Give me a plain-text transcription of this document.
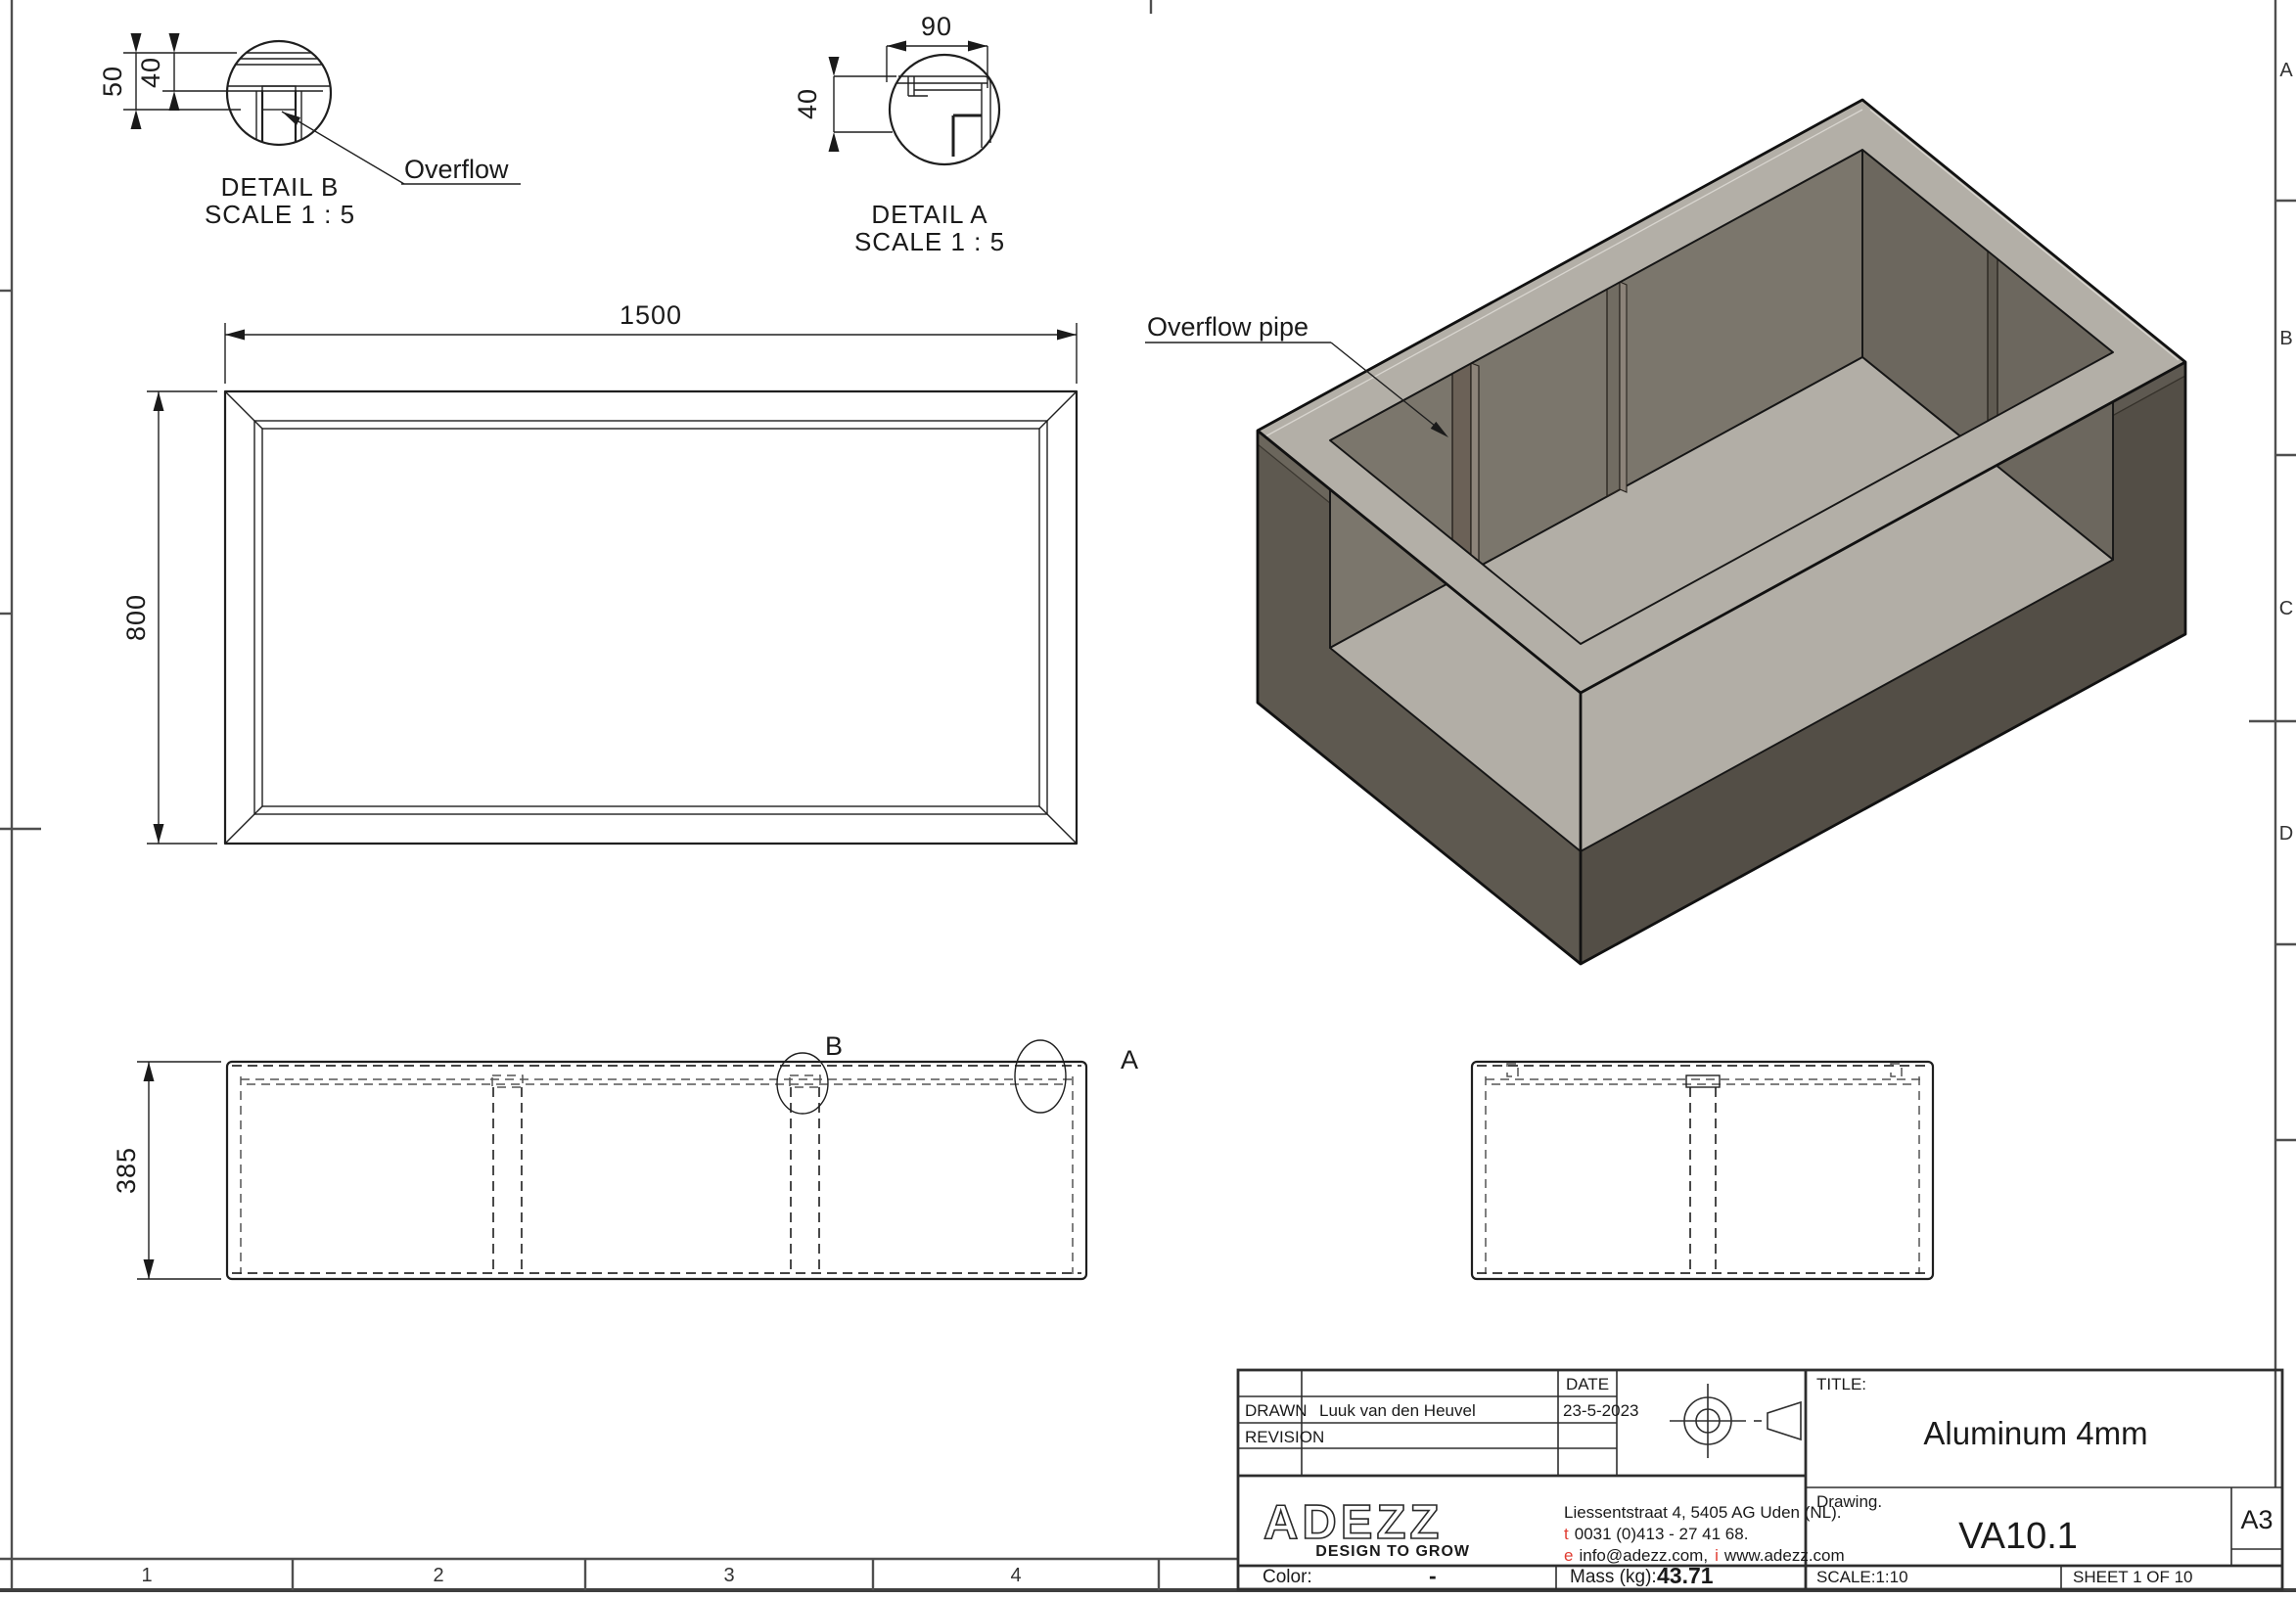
A
B
C
D
1	2	3	4
50 40
Overflow
DETAIL B
SCALE 1 : 5
90
40
DETAIL A
SCALE 1 : 5
1500
800
Overflow pipe
385
B	A
DATE
DRAWN Luuk van den Heuvel	23-5-2023
REVISION
ADEZZ
DESIGN TO GROW
Liessentstraat 4, 5405 AG Uden (NL).
t 0031 (0)413 - 27 41 68.
e info@adezz.com, i www.adezz.com
Color:	-	Mass (kg): 43.71
TITLE:
Aluminum 4mm
Drawing.
VA10.1	A3
SCALE:1:10	SHEET 1 OF 10
